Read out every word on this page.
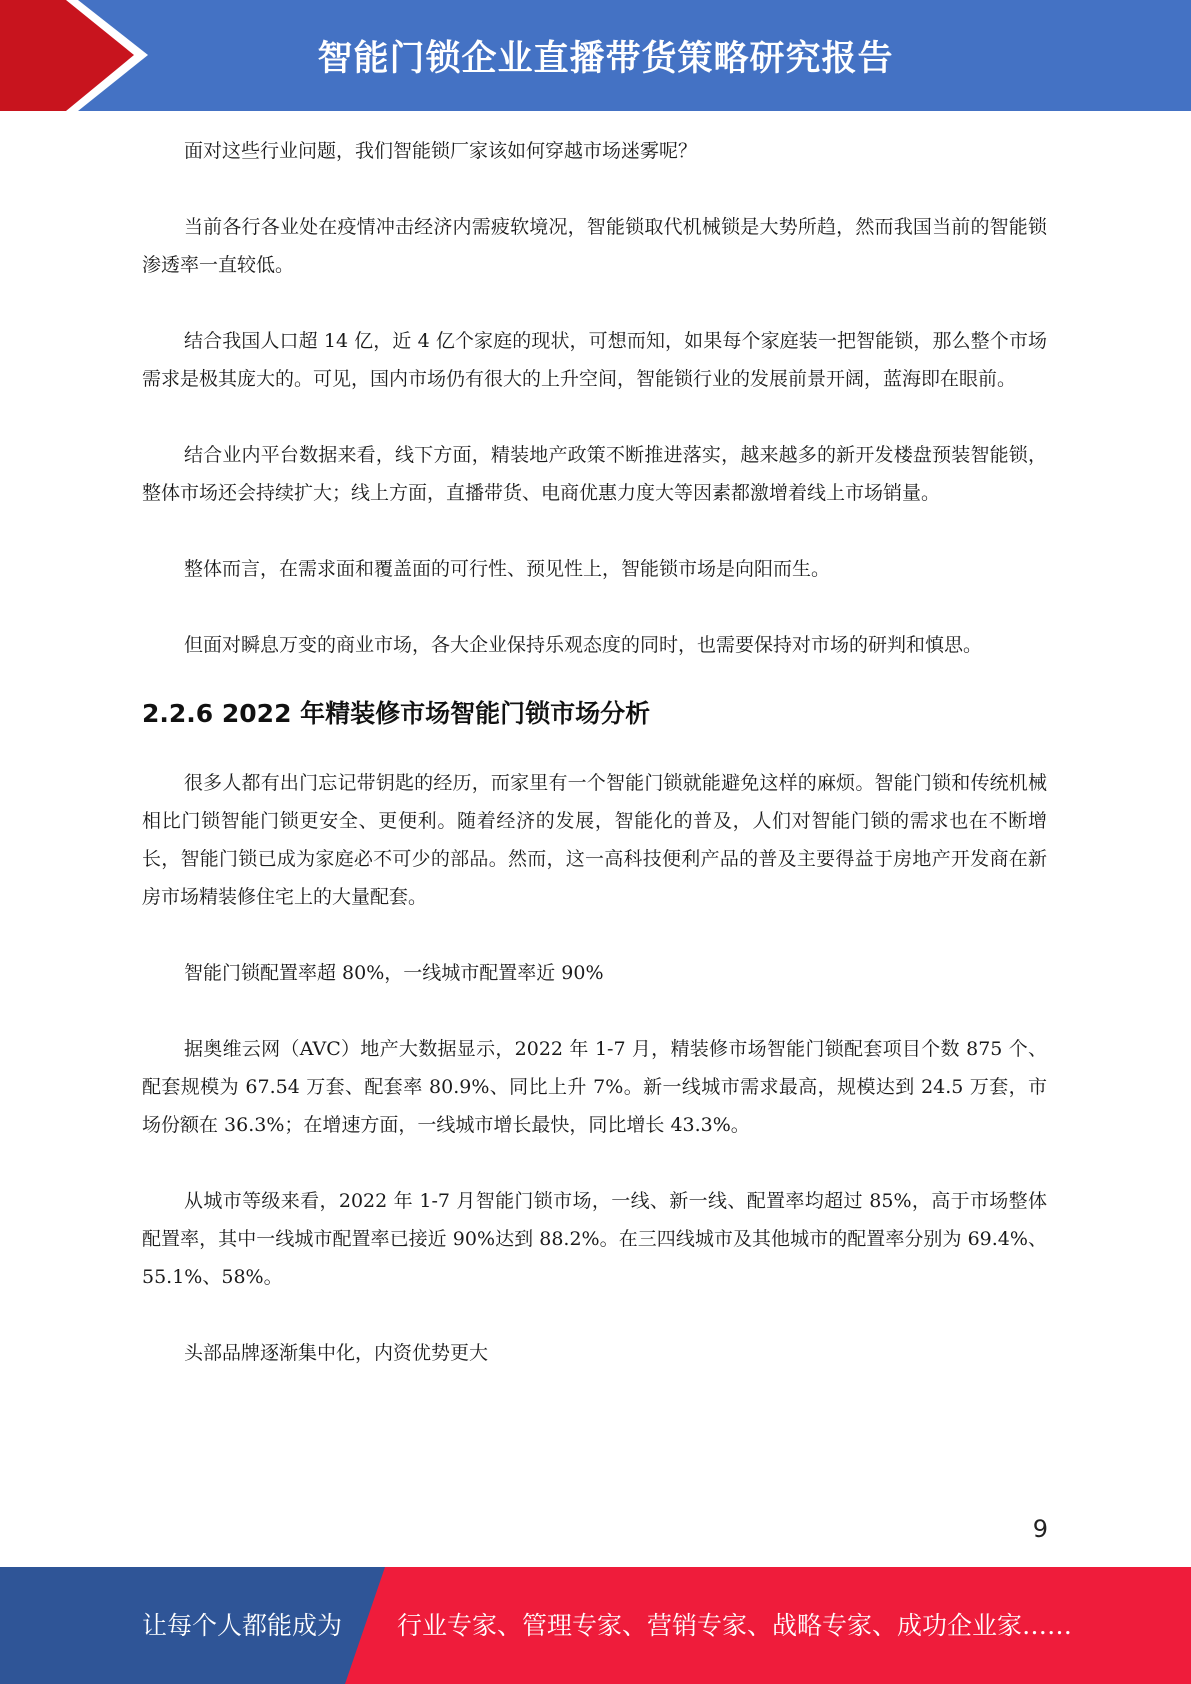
智能门锁企业直播带货策略研究报告

面对这些行业问题，我们智能锁厂家该如何穿越市场迷雾呢？

当前各行各业处在疫情冲击经济内需疲软境况，智能锁取代机械锁是大势所趋，然而我国当前的智能锁渗透率一直较低。

结合我国人口超 14 亿，近 4 亿个家庭的现状，可想而知，如果每个家庭装一把智能锁，那么整个市场需求是极其庞大的。可见，国内市场仍有很大的上升空间，智能锁行业的发展前景开阔，蓝海即在眼前。

结合业内平台数据来看，线下方面，精装地产政策不断推进落实，越来越多的新开发楼盘预装智能锁，整体市场还会持续扩大；线上方面，直播带货、电商优惠力度大等因素都激增着线上市场销量。

整体而言，在需求面和覆盖面的可行性、预见性上，智能锁市场是向阳而生。

但面对瞬息万变的商业市场，各大企业保持乐观态度的同时，也需要保持对市场的研判和慎思。

2.2.6 2022 年精装修市场智能门锁市场分析

很多人都有出门忘记带钥匙的经历，而家里有一个智能门锁就能避免这样的麻烦。智能门锁和传统机械相比门锁智能门锁更安全、更便利。随着经济的发展，智能化的普及，人们对智能门锁的需求也在不断增长，智能门锁已成为家庭必不可少的部品。然而，这一高科技便利产品的普及主要得益于房地产开发商在新房市场精装修住宅上的大量配套。

智能门锁配置率超 80%，一线城市配置率近 90%

据奥维云网（AVC）地产大数据显示，2022 年 1-7 月，精装修市场智能门锁配套项目个数 875 个、配套规模为 67.54 万套、配套率 80.9%、同比上升 7%。新一线城市需求最高，规模达到 24.5 万套，市场份额在 36.3%；在增速方面，一线城市增长最快，同比增长 43.3%。

从城市等级来看，2022 年 1-7 月智能门锁市场，一线、新一线、配置率均超过 85%，高于市场整体配置率，其中一线城市配置率已接近 90%达到 88.2%。在三四线城市及其他城市的配置率分别为 69.4%、55.1%、58%。

头部品牌逐渐集中化，内资优势更大

9
让每个人都能成为 行业专家、管理专家、营销专家、战略专家、成功企业家……
